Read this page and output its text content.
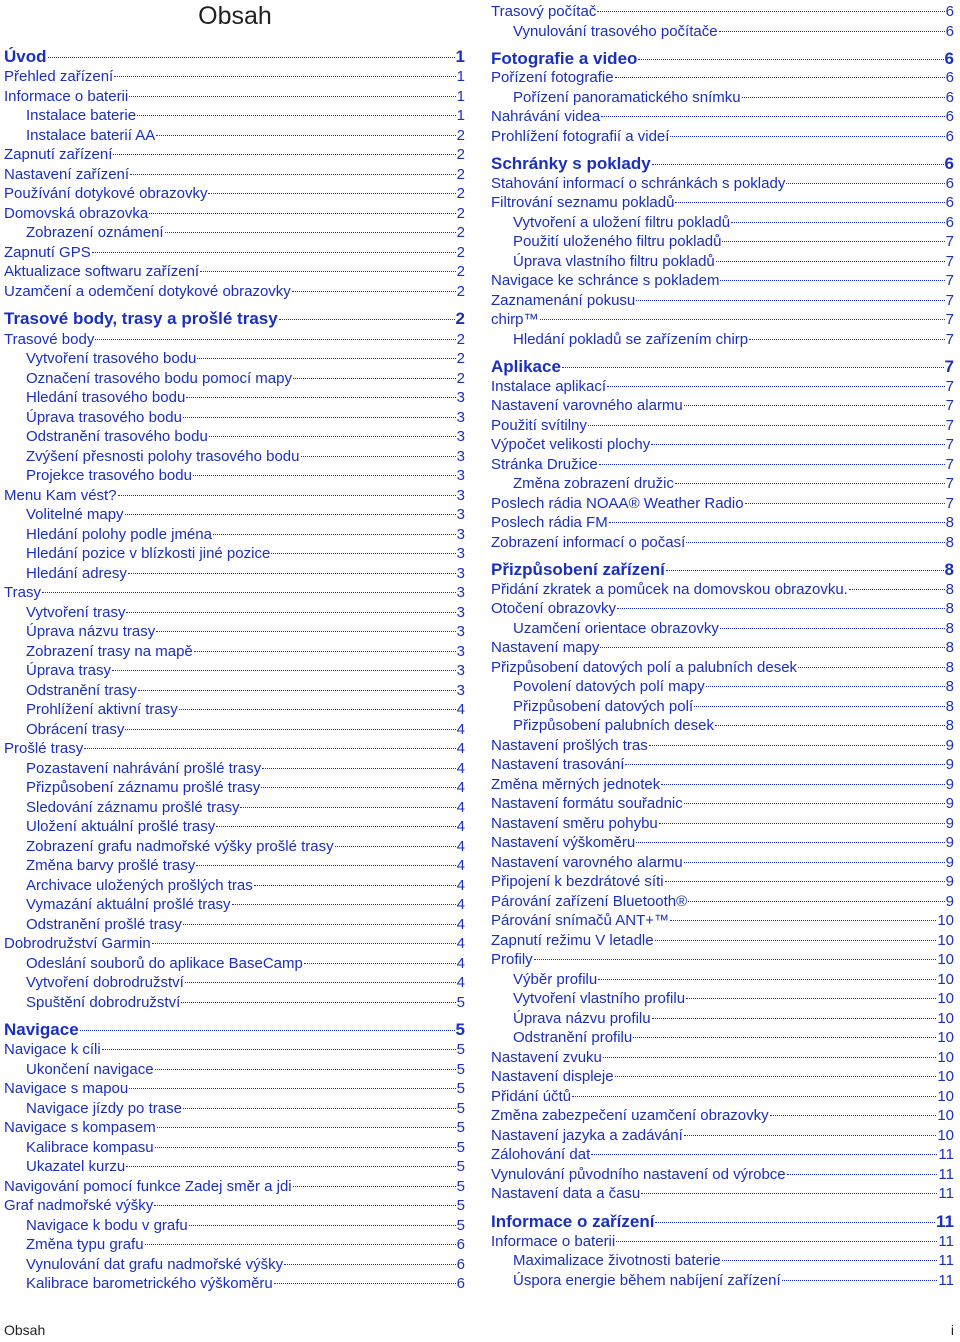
Obsah
Úvod	1
Přehled zařízení	1
Informace o baterii	1
Instalace baterie	1
Instalace baterií AA	2
Zapnutí zařízení	2
Nastavení zařízení	2
Používání dotykové obrazovky	2
Domovská obrazovka	2
Zobrazení oznámení	2
Zapnutí GPS	2
Aktualizace softwaru zařízení	2
Uzamčení a odemčení dotykové obrazovky	2
Trasové body, trasy a prošlé trasy	2
Trasové body	2
Vytvoření trasového bodu	2
Označení trasového bodu pomocí mapy	2
Hledání trasového bodu	3
Úprava trasového bodu	3
Odstranění trasového bodu	3
Zvýšení přesnosti polohy trasového bodu	3
Projekce trasového bodu	3
Menu Kam vést?	3
Volitelné mapy	3
Hledání polohy podle jména	3
Hledání pozice v blízkosti jiné pozice	3
Hledání adresy	3
Trasy	3
Vytvoření trasy	3
Úprava názvu trasy	3
Zobrazení trasy na mapě	3
Úprava trasy	3
Odstranění trasy	3
Prohlížení aktivní trasy	4
Obrácení trasy	4
Prošlé trasy	4
Pozastavení nahrávání prošlé trasy	4
Přizpůsobení záznamu prošlé trasy	4
Sledování záznamu prošlé trasy	4
Uložení aktuální prošlé trasy	4
Zobrazení grafu nadmořské výšky prošlé trasy	4
Změna barvy prošlé trasy	4
Archivace uložených prošlých tras	4
Vymazání aktuální prošlé trasy	4
Odstranění prošlé trasy	4
Dobrodružství Garmin	4
Odeslání souborů do aplikace BaseCamp	4
Vytvoření dobrodružství	4
Spuštění dobrodružství	5
Navigace	5
Navigace k cíli	5
Ukončení navigace	5
Navigace s mapou	5
Navigace jízdy po trase	5
Navigace s kompasem	5
Kalibrace kompasu	5
Ukazatel kurzu	5
Navigování pomocí funkce Zadej směr a jdi	5
Graf nadmořské výšky	5
Navigace k bodu v grafu	5
Změna typu grafu	6
Vynulování dat grafu nadmořské výšky	6
Kalibrace barometrického výškoměru	6
Trasový počítač	6
Vynulování trasového počítače	6
Fotografie a video	6
Pořízení fotografie	6
Pořízení panoramatického snímku	6
Nahrávání videa	6
Prohlížení fotografií a videí	6
Schránky s poklady	6
Stahování informací o schránkách s poklady	6
Filtrování seznamu pokladů	6
Vytvoření a uložení filtru pokladů	6
Použití uloženého filtru pokladů	7
Úprava vlastního filtru pokladů	7
Navigace ke schránce s pokladem	7
Zaznamenání pokusu	7
chirp™	7
Hledání pokladů se zařízením chirp	7
Aplikace	7
Instalace aplikací	7
Nastavení varovného alarmu	7
Použití svítilny	7
Výpočet velikosti plochy	7
Stránka Družice	7
Změna zobrazení družic	7
Poslech rádia NOAA® Weather Radio	7
Poslech rádia FM	8
Zobrazení informací o počasí	8
Přizpůsobení zařízení	8
Přidání zkratek a pomůcek na domovskou obrazovku.	8
Otočení obrazovky	8
Uzamčení orientace obrazovky	8
Nastavení mapy	8
Přizpůsobení datových polí a palubních desek	8
Povolení datových polí mapy	8
Přizpůsobení datových polí	8
Přizpůsobení palubních desek	8
Nastavení prošlých tras	9
Nastavení trasování	9
Změna měrných jednotek	9
Nastavení formátu souřadnic	9
Nastavení směru pohybu	9
Nastavení výškoměru	9
Nastavení varovného alarmu	9
Připojení k bezdrátové síti	9
Párování zařízení Bluetooth®	9
Párování snímačů ANT+™	10
Zapnutí režimu V letadle	10
Profily	10
Výběr profilu	10
Vytvoření vlastního profilu	10
Úprava názvu profilu	10
Odstranění profilu	10
Nastavení zvuku	10
Nastavení displeje	10
Přidání účtů	10
Změna zabezpečení uzamčení obrazovky	10
Nastavení jazyka a zadávání	10
Zálohování dat	11
Vynulování původního nastavení od výrobce	11
Nastavení data a času	11
Informace o zařízení	11
Informace o baterii	11
Maximalizace životnosti baterie	11
Úspora energie během nabíjení zařízení	11
Obsah	i
